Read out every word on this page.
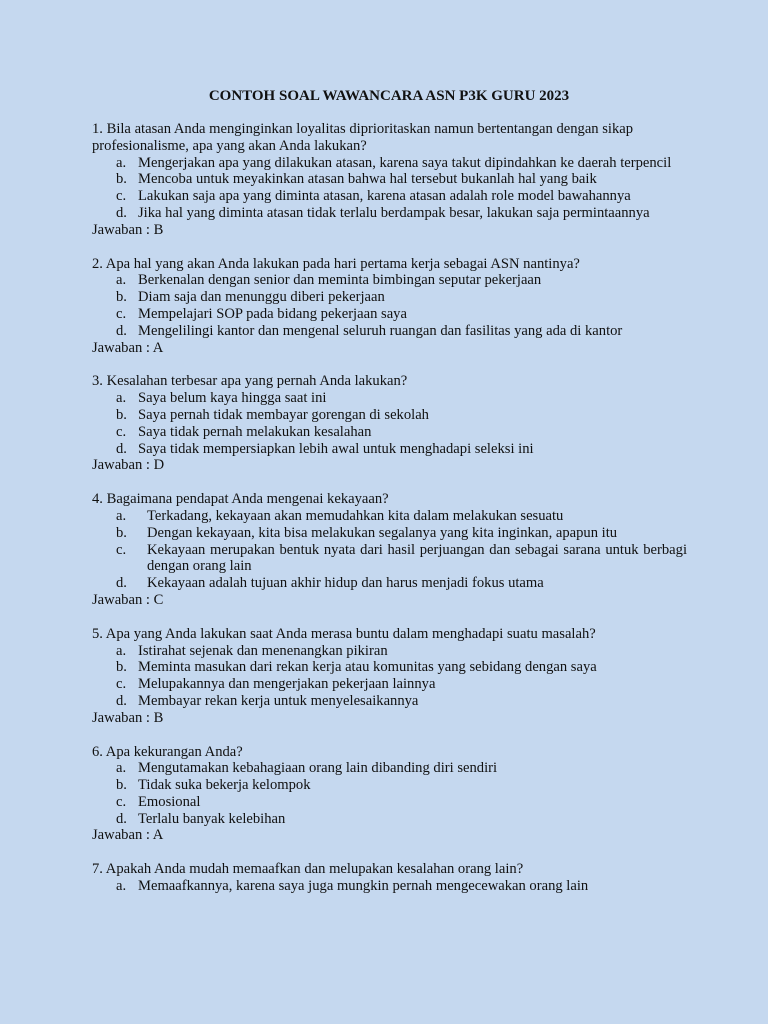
CONTOH SOAL WAWANCARA ASN P3K GURU 2023

1. Bila atasan Anda menginginkan loyalitas diprioritaskan namun bertentangan dengan sikap profesionalisme, apa yang akan Anda lakukan?

a. Mengerjakan apa yang dilakukan atasan, karena saya takut dipindahkan ke daerah terpencil
b. Mencoba untuk meyakinkan atasan bahwa hal tersebut bukanlah hal yang baik
c. Lakukan saja apa yang diminta atasan, karena atasan adalah role model bawahannya
d. Jika hal yang diminta atasan tidak terlalu berdampak besar, lakukan saja permintaannya

Jawaban : B

2. Apa hal yang akan Anda lakukan pada hari pertama kerja sebagai ASN nantinya?

a. Berkenalan dengan senior dan meminta bimbingan seputar pekerjaan
b. Diam saja dan menunggu diberi pekerjaan
c. Mempelajari SOP pada bidang pekerjaan saya
d. Mengelilingi kantor dan mengenal seluruh ruangan dan fasilitas yang ada di kantor

Jawaban : A

3. Kesalahan terbesar apa yang pernah Anda lakukan?

a. Saya belum kaya hingga saat ini
b. Saya pernah tidak membayar gorengan di sekolah
c. Saya tidak pernah melakukan kesalahan
d. Saya tidak mempersiapkan lebih awal untuk menghadapi seleksi ini

Jawaban : D

4. Bagaimana pendapat Anda mengenai kekayaan?

a.	Terkadang, kekayaan akan memudahkan kita dalam melakukan sesuatu
b.	Dengan kekayaan, kita bisa melakukan segalanya yang kita inginkan, apapun itu
c.	Kekayaan merupakan bentuk nyata dari hasil perjuangan dan sebagai sarana untuk berbagi dengan orang lain
d.	Kekayaan adalah tujuan akhir hidup dan harus menjadi fokus utama

Jawaban : C

5. Apa yang Anda lakukan saat Anda merasa buntu dalam menghadapi suatu masalah?

a. Istirahat sejenak dan menenangkan pikiran
b. Meminta masukan dari rekan kerja atau komunitas yang sebidang dengan saya
c. Melupakannya dan mengerjakan pekerjaan lainnya
d. Membayar rekan kerja untuk menyelesaikannya

Jawaban : B

6. Apa kekurangan Anda?

a. Mengutamakan kebahagiaan orang lain dibanding diri sendiri
b. Tidak suka bekerja kelompok
c. Emosional
d. Terlalu banyak kelebihan

Jawaban : A

7. Apakah Anda mudah memaafkan dan melupakan kesalahan orang lain?

a. Memaafkannya, karena saya juga mungkin pernah mengecewakan orang lain
